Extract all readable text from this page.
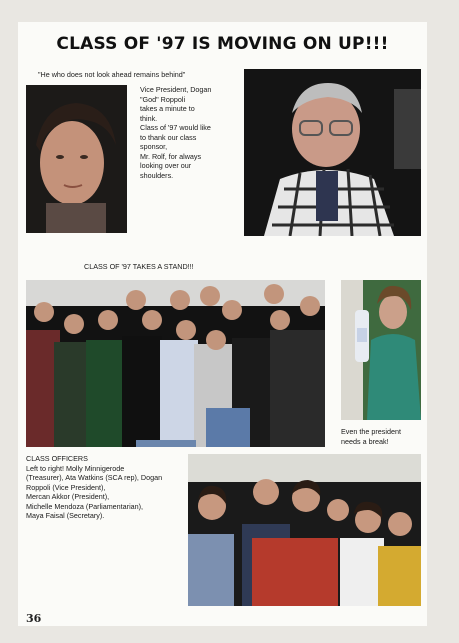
CLASS OF '97 IS MOVING ON UP!!!
"He who does not look ahead remains behind"
Vice President, Dogan
"God" Roppoli
takes a minute to
think.
Class of '97 would like
to thank our class
sponsor,
Mr. Rolf, for always
looking over our
shoulders.
CLASS OF '97 TAKES A STAND!!!
Even the president
needs a break!
CLASS OFFICERS
Left to right! Molly Minnigerode
(Treasurer), Ata Watkins (SCA rep), Dogan
Roppoli (Vice President),
Mercan Akkor (President),
Michelle Mendoza (Parliamentarian),
Maya Faisal (Secretary).
36
